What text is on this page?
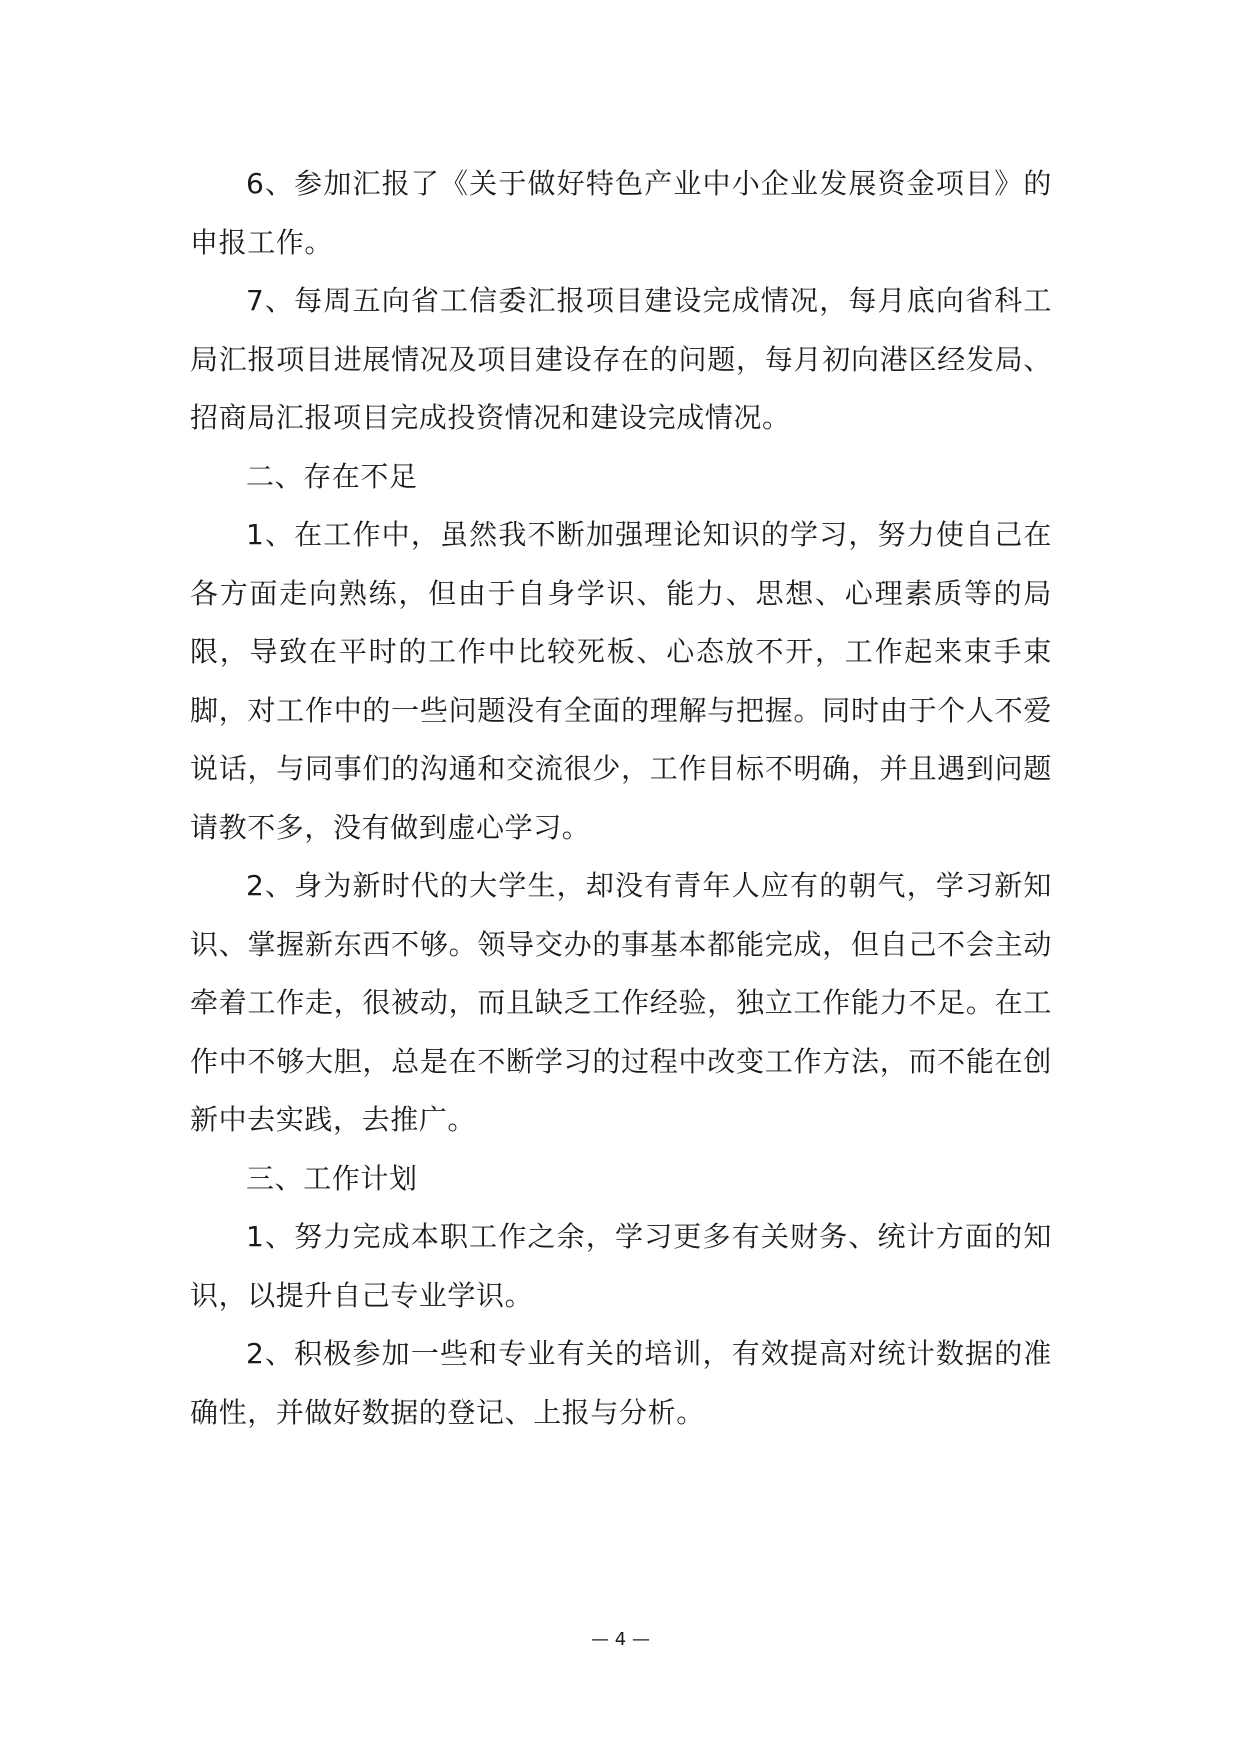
6、参加汇报了《关于做好特色产业中小企业发展资金项目》的申报工作。

7、每周五向省工信委汇报项目建设完成情况，每月底向省科工局汇报项目进展情况及项目建设存在的问题，每月初向港区经发局、招商局汇报项目完成投资情况和建设完成情况。

二、存在不足

1、在工作中，虽然我不断加强理论知识的学习，努力使自己在各方面走向熟练，但由于自身学识、能力、思想、心理素质等的局限，导致在平时的工作中比较死板、心态放不开，工作起来束手束脚，对工作中的一些问题没有全面的理解与把握。同时由于个人不爱说话，与同事们的沟通和交流很少，工作目标不明确，并且遇到问题请教不多，没有做到虚心学习。

2、身为新时代的大学生，却没有青年人应有的朝气，学习新知识、掌握新东西不够。领导交办的事基本都能完成，但自己不会主动牵着工作走，很被动，而且缺乏工作经验，独立工作能力不足。在工作中不够大胆，总是在不断学习的过程中改变工作方法，而不能在创新中去实践，去推广。

三、工作计划

1、努力完成本职工作之余，学习更多有关财务、统计方面的知识，以提升自己专业学识。

2、积极参加一些和专业有关的培训，有效提高对统计数据的准确性，并做好数据的登记、上报与分析。

— 4 —
